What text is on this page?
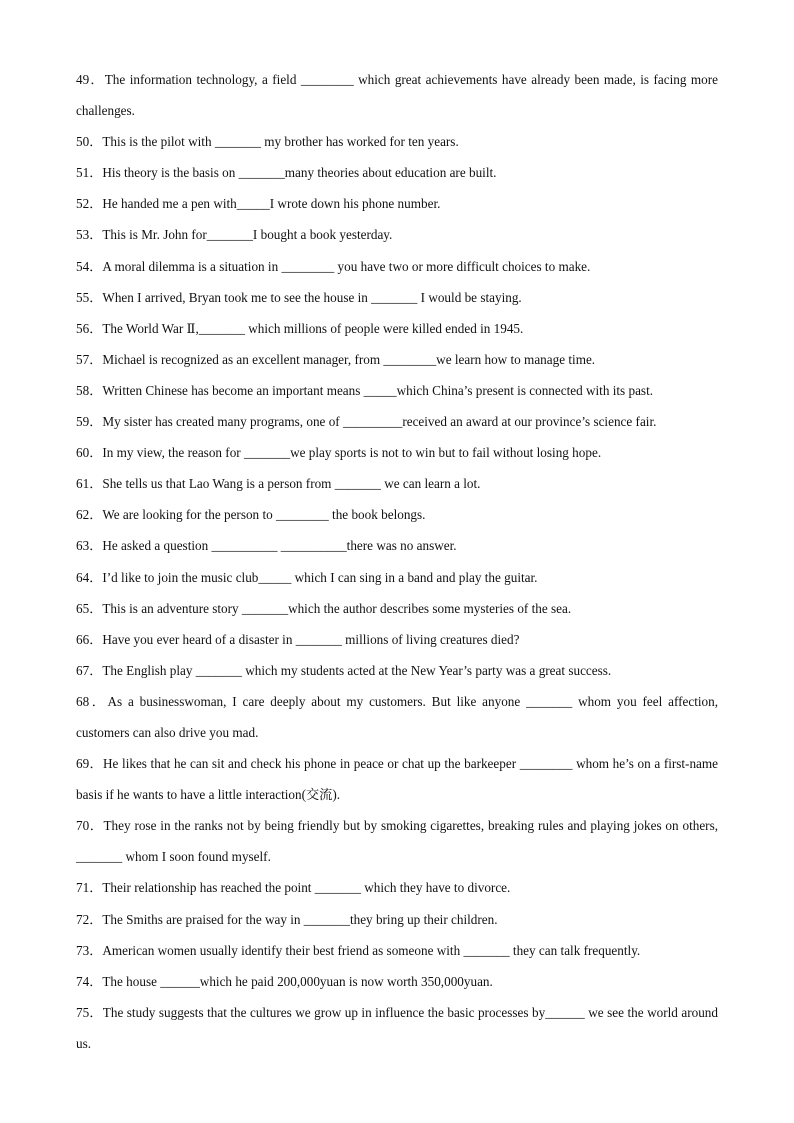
49．The information technology, a field ________ which great achievements have already been made, is facing more challenges.

50．This is the pilot with _______ my brother has worked for ten years.

51．His theory is the basis on _______many theories about education are built.

52．He handed me a pen with_____I wrote down his phone number.

53．This is Mr. John for_______I bought a book yesterday.

54．A moral dilemma is a situation in ________ you have two or more difficult choices to make.

55．When I arrived, Bryan took me to see the house in _______ I would be staying.

56．The World War Ⅱ,_______ which millions of people were killed ended in 1945.

57．Michael is recognized as an excellent manager, from ________we learn how to manage time.

58．Written Chinese has become an important means _____which China’s present is connected with its past.

59．My sister has created many programs, one of _________received an award at our province’s science fair.

60．In my view, the reason for _______we play sports is not to win but to fail without losing hope.

61．She tells us that Lao Wang is a person from _______ we can learn a lot.

62．We are looking for the person to ________ the book belongs.

63．He asked a question __________ __________there was no answer.

64．I’d like to join the music club_____ which I can sing in a band and play the guitar.

65．This is an adventure story _______which the author describes some mysteries of the sea.

66．Have you ever heard of a disaster in _______ millions of living creatures died?

67．The English play _______ which my students acted at the New Year’s party was a great success.

68．As a businesswoman, I care deeply about my customers. But like anyone _______ whom you feel affection, customers can also drive you mad.

69．He likes that he can sit and check his phone in peace or chat up the barkeeper ________ whom he’s on a first-name basis if he wants to have a little interaction(交流).

70．They rose in the ranks not by being friendly but by smoking cigarettes, breaking rules and playing jokes on others, _______ whom I soon found myself.

71．Their relationship has reached the point _______ which they have to divorce.

72．The Smiths are praised for the way in _______they bring up their children.

73．American women usually identify their best friend as someone with _______ they can talk frequently.

74．The house ______which he paid 200,000yuan is now worth 350,000yuan.

75．The study suggests that the cultures we grow up in influence the basic processes by______ we see the world around us.
